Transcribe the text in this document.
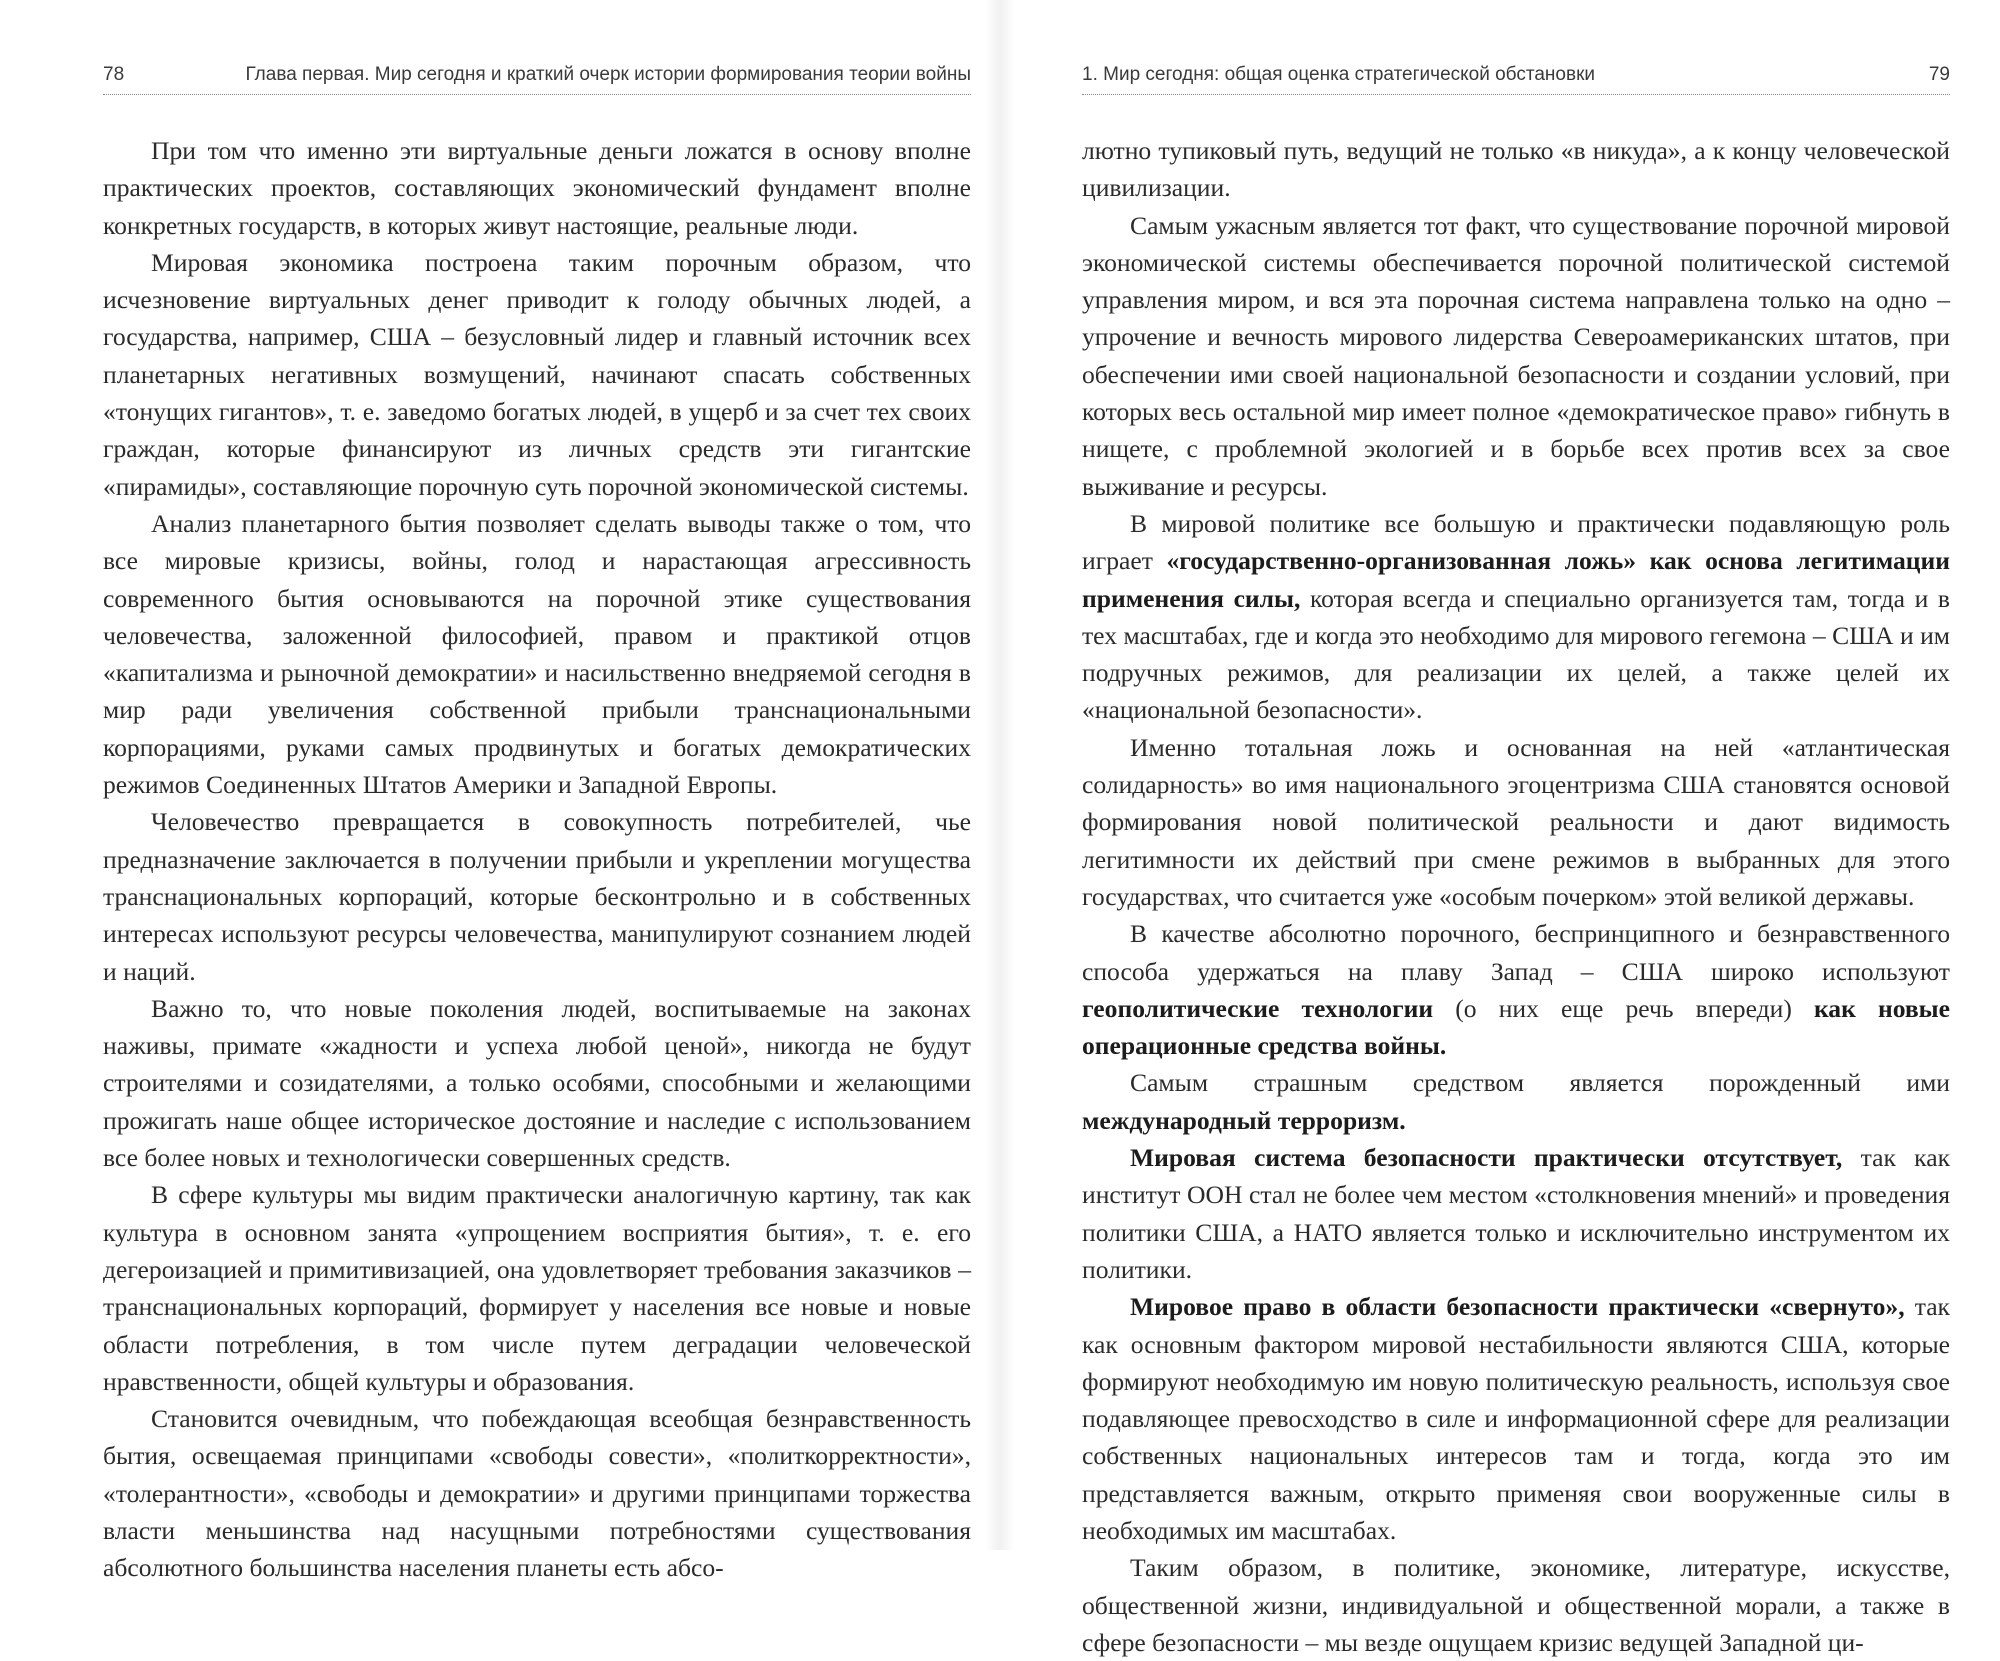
78	Глава первая. Мир сегодня и краткий очерк истории формирования теории войны

При том что именно эти виртуальные деньги ложатся в основу вполне практических проектов, составляющих экономический фундамент вполне конкретных государств, в которых живут настоящие, реальные люди.

Мировая экономика построена таким порочным образом, что исчезновение виртуальных денег приводит к голоду обычных людей, а государства, например, США – безусловный лидер и главный источник всех планетарных негативных возмущений, начинают спасать собственных «тонущих гигантов», т. е. заведомо богатых людей, в ущерб и за счет тех своих граждан, которые финансируют из личных средств эти гигантские «пирамиды», составляющие порочную суть порочной экономической системы.

Анализ планетарного бытия позволяет сделать выводы также о том, что все мировые кризисы, войны, голод и нарастающая агрессивность современного бытия основываются на порочной этике существования человечества, заложенной философией, правом и практикой отцов «капитализма и рыночной демократии» и насильственно внедряемой сегодня в мир ради увеличения собственной прибыли транснациональными корпорациями, руками самых продвинутых и богатых демократических режимов Соединенных Штатов Америки и Западной Европы.

Человечество превращается в совокупность потребителей, чье предназначение заключается в получении прибыли и укреплении могущества транснациональных корпораций, которые бесконтрольно и в собственных интересах используют ресурсы человечества, манипулируют сознанием людей и наций.

Важно то, что новые поколения людей, воспитываемые на законах наживы, примате «жадности и успеха любой ценой», никогда не будут строителями и созидателями, а только особями, способными и желающими прожигать наше общее историческое достояние и наследие с использованием все более новых и технологически совершенных средств.

В сфере культуры мы видим практически аналогичную картину, так как культура в основном занята «упрощением восприятия бытия», т. е. его дегероизацией и примитивизацией, она удовлетворяет требования заказчиков – транснациональных корпораций, формирует у населения все новые и новые области потребления, в том числе путем деградации человеческой нравственности, общей культуры и образования.

Становится очевидным, что побеждающая всеобщая безнравственность бытия, освещаемая принципами «свободы совести», «политкорректности», «толерантности», «свободы и демократии» и другими принципами торжества власти меньшинства над насущными потребностями существования абсолютного большинства населения планеты есть абсо-

1. Мир сегодня: общая оценка стратегической обстановки	79

лютно тупиковый путь, ведущий не только «в никуда», а к концу человеческой цивилизации.

Самым ужасным является тот факт, что существование порочной мировой экономической системы обеспечивается порочной политической системой управления миром, и вся эта порочная система направлена только на одно – упрочение и вечность мирового лидерства Североамериканских штатов, при обеспечении ими своей национальной безопасности и создании условий, при которых весь остальной мир имеет полное «демократическое право» гибнуть в нищете, с проблемной экологией и в борьбе всех против всех за свое выживание и ресурсы.

В мировой политике все большую и практически подавляющую роль играет «государственно-организованная ложь» как основа легитимации применения силы, которая всегда и специально организуется там, тогда и в тех масштабах, где и когда это необходимо для мирового гегемона – США и им подручных режимов, для реализации их целей, а также целей их «национальной безопасности».

Именно тотальная ложь и основанная на ней «атлантическая солидарность» во имя национального эгоцентризма США становятся основой формирования новой политической реальности и дают видимость легитимности их действий при смене режимов в выбранных для этого государствах, что считается уже «особым почерком» этой великой державы.

В качестве абсолютно порочного, беспринципного и безнравственного способа удержаться на плаву Запад – США широко используют геополитические технологии (о них еще речь впереди) как новые операционные средства войны.

Самым страшным средством является порожденный ими международный терроризм.

Мировая система безопасности практически отсутствует, так как институт ООН стал не более чем местом «столкновения мнений» и проведения политики США, а НАТО является только и исключительно инструментом их политики.

Мировое право в области безопасности практически «свернуто», так как основным фактором мировой нестабильности являются США, которые формируют необходимую им новую политическую реальность, используя свое подавляющее превосходство в силе и информационной сфере для реализации собственных национальных интересов там и тогда, когда это им представляется важным, открыто применяя свои вооруженные силы в необходимых им масштабах.

Таким образом, в политике, экономике, литературе, искусстве, общественной жизни, индивидуальной и общественной морали, а также в сфере безопасности – мы везде ощущаем кризис ведущей Западной ци-
